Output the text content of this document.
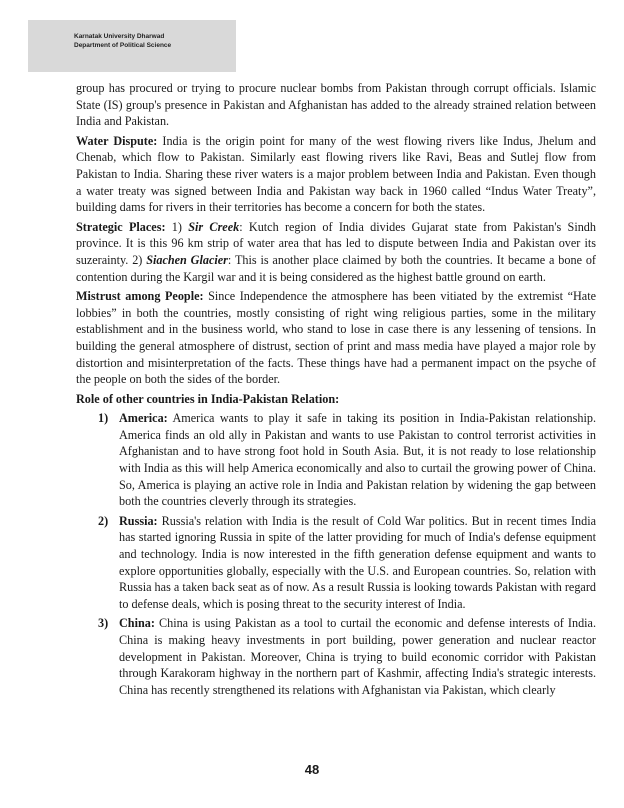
Karnatak University Dharwad
Department of Political Science

group has procured or trying to procure nuclear bombs from Pakistan through corrupt officials. Islamic State (IS) group's presence in Pakistan and Afghanistan has added to the already strained relation between India and Pakistan.

Water Dispute: India is the origin point for many of the west flowing rivers like Indus, Jhelum and Chenab, which flow to Pakistan. Similarly east flowing rivers like Ravi, Beas and Sutlej flow from Pakistan to India. Sharing these river waters is a major problem between India and Pakistan. Even though a water treaty was signed between India and Pakistan way back in 1960 called “Indus Water Treaty”, building dams for rivers in their territories has become a concern for both the states.

Strategic Places: 1) Sir Creek: Kutch region of India divides Gujarat state from Pakistan's Sindh province. It is this 96 km strip of water area that has led to dispute between India and Pakistan over its suzerainty. 2) Siachen Glacier: This is another place claimed by both the countries. It became a bone of contention during the Kargil war and it is being considered as the highest battle ground on earth.

Mistrust among People: Since Independence the atmosphere has been vitiated by the extremist “Hate lobbies” in both the countries, mostly consisting of right wing religious parties, some in the military establishment and in the business world, who stand to lose in case there is any lessening of tensions. In building the general atmosphere of distrust, section of print and mass media have played a major role by distortion and misinterpretation of the facts. These things have had a permanent impact on the psyche of the people on both the sides of the border.

Role of other countries in India-Pakistan Relation:
1) America: America wants to play it safe in taking its position in India-Pakistan relationship. America finds an old ally in Pakistan and wants to use Pakistan to control terrorist activities in Afghanistan and to have strong foot hold in South Asia. But, it is not ready to lose relationship with India as this will help America economically and also to curtail the growing power of China. So, America is playing an active role in India and Pakistan relation by widening the gap between both the countries cleverly through its strategies.
2) Russia: Russia's relation with India is the result of Cold War politics. But in recent times India has started ignoring Russia in spite of the latter providing for much of India's defense equipment and technology. India is now interested in the fifth generation defense equipment and wants to explore opportunities globally, especially with the U.S. and European countries. So, relation with Russia has a taken back seat as of now. As a result Russia is looking towards Pakistan with regard to defense deals, which is posing threat to the security interest of India.
3) China: China is using Pakistan as a tool to curtail the economic and defense interests of India. China is making heavy investments in port building, power generation and nuclear reactor development in Pakistan. Moreover, China is trying to build economic corridor with Pakistan through Karakoram highway in the northern part of Kashmir, affecting India's strategic interests. China has recently strengthened its relations with Afghanistan via Pakistan, which clearly
48
